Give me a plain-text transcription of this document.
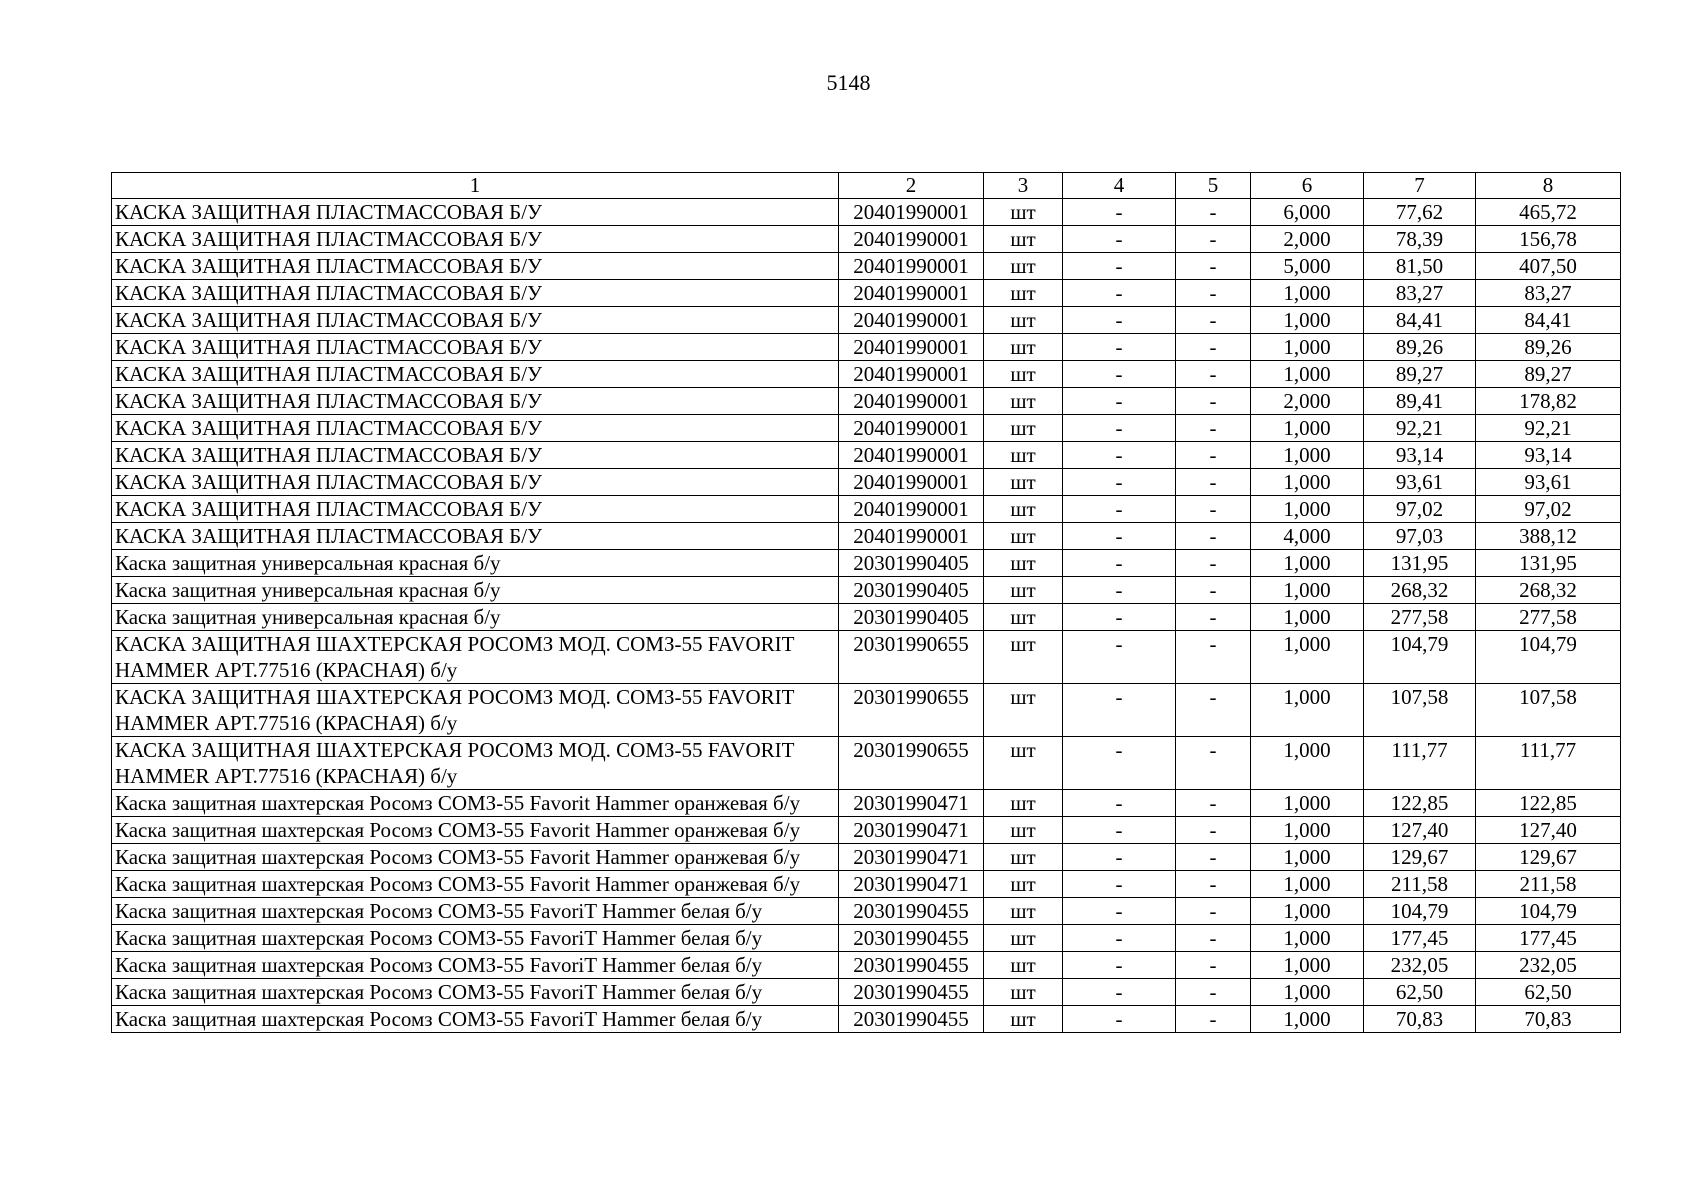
5148
1	2	3	4	5	6	7	8
КАСКА ЗАЩИТНАЯ ПЛАСТМАССОВАЯ Б/У	20401990001	шт	-	-	6,000	77,62	465,72
КАСКА ЗАЩИТНАЯ ПЛАСТМАССОВАЯ Б/У	20401990001	шт	-	-	2,000	78,39	156,78
КАСКА ЗАЩИТНАЯ ПЛАСТМАССОВАЯ Б/У	20401990001	шт	-	-	5,000	81,50	407,50
КАСКА ЗАЩИТНАЯ ПЛАСТМАССОВАЯ Б/У	20401990001	шт	-	-	1,000	83,27	83,27
КАСКА ЗАЩИТНАЯ ПЛАСТМАССОВАЯ Б/У	20401990001	шт	-	-	1,000	84,41	84,41
КАСКА ЗАЩИТНАЯ ПЛАСТМАССОВАЯ Б/У	20401990001	шт	-	-	1,000	89,26	89,26
КАСКА ЗАЩИТНАЯ ПЛАСТМАССОВАЯ Б/У	20401990001	шт	-	-	1,000	89,27	89,27
КАСКА ЗАЩИТНАЯ ПЛАСТМАССОВАЯ Б/У	20401990001	шт	-	-	2,000	89,41	178,82
КАСКА ЗАЩИТНАЯ ПЛАСТМАССОВАЯ Б/У	20401990001	шт	-	-	1,000	92,21	92,21
КАСКА ЗАЩИТНАЯ ПЛАСТМАССОВАЯ Б/У	20401990001	шт	-	-	1,000	93,14	93,14
КАСКА ЗАЩИТНАЯ ПЛАСТМАССОВАЯ Б/У	20401990001	шт	-	-	1,000	93,61	93,61
КАСКА ЗАЩИТНАЯ ПЛАСТМАССОВАЯ Б/У	20401990001	шт	-	-	1,000	97,02	97,02
КАСКА ЗАЩИТНАЯ ПЛАСТМАССОВАЯ Б/У	20401990001	шт	-	-	4,000	97,03	388,12
Каска защитная универсальная красная б/у	20301990405	шт	-	-	1,000	131,95	131,95
Каска защитная универсальная красная б/у	20301990405	шт	-	-	1,000	268,32	268,32
Каска защитная универсальная красная б/у	20301990405	шт	-	-	1,000	277,58	277,58
КАСКА ЗАЩИТНАЯ ШАХТЕРСКАЯ РОСОМЗ МОД. СОМЗ-55 FAVORIT HAMMER АРТ.77516 (КРАСНАЯ) б/у	20301990655	шт	-	-	1,000	104,79	104,79
КАСКА ЗАЩИТНАЯ ШАХТЕРСКАЯ РОСОМЗ МОД. СОМЗ-55 FAVORIT HAMMER АРТ.77516 (КРАСНАЯ) б/у	20301990655	шт	-	-	1,000	107,58	107,58
КАСКА ЗАЩИТНАЯ ШАХТЕРСКАЯ РОСОМЗ МОД. СОМЗ-55 FAVORIT HAMMER АРТ.77516 (КРАСНАЯ) б/у	20301990655	шт	-	-	1,000	111,77	111,77
Каска защитная шахтерская Росомз СОМЗ-55 Favorit Hammer оранжевая б/у	20301990471	шт	-	-	1,000	122,85	122,85
Каска защитная шахтерская Росомз СОМЗ-55 Favorit Hammer оранжевая б/у	20301990471	шт	-	-	1,000	127,40	127,40
Каска защитная шахтерская Росомз СОМЗ-55 Favorit Hammer оранжевая б/у	20301990471	шт	-	-	1,000	129,67	129,67
Каска защитная шахтерская Росомз СОМЗ-55 Favorit Hammer оранжевая б/у	20301990471	шт	-	-	1,000	211,58	211,58
Каска защитная шахтерская Росомз СОМЗ-55 FavoriT Hammer белая б/у	20301990455	шт	-	-	1,000	104,79	104,79
Каска защитная шахтерская Росомз СОМЗ-55 FavoriT Hammer белая б/у	20301990455	шт	-	-	1,000	177,45	177,45
Каска защитная шахтерская Росомз СОМЗ-55 FavoriT Hammer белая б/у	20301990455	шт	-	-	1,000	232,05	232,05
Каска защитная шахтерская Росомз СОМЗ-55 FavoriT Hammer белая б/у	20301990455	шт	-	-	1,000	62,50	62,50
Каска защитная шахтерская Росомз СОМЗ-55 FavoriT Hammer белая б/у	20301990455	шт	-	-	1,000	70,83	70,83
